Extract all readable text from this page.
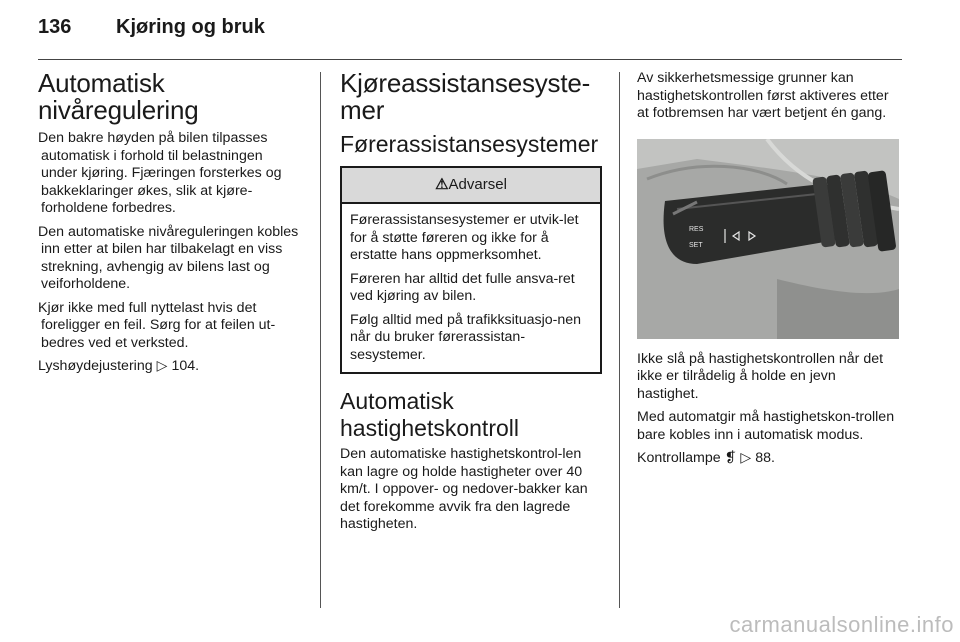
136 Kjøring og bruk
Automatisk nivåregulering

Den bakre høyden på bilen tilpasses automatisk i forhold til belastningen under kjøring. Fjæringen forsterkes og bakkeklaringer økes, slik at kjøre-forholdene forbedres.

Den automatiske nivåreguleringen kobles inn etter at bilen har tilbakelagt en viss strekning, avhengig av bilens last og veiforholdene.

Kjør ikke med full nyttelast hvis det foreligger en feil. Sørg for at feilen ut-bedres ved et verksted.

Lyshøydejustering ▷ 104.

Kjøreassistansesyste-mer
Førerassistansesystemer
⚠Advarsel

Førerassistansesystemer er utvik-let for å støtte føreren og ikke for å erstatte hans oppmerksomhet.

Føreren har alltid det fulle ansva-ret ved kjøring av bilen.

Følg alltid med på trafikksituasjo-nen når du bruker førerassistan-sesystemer.

Automatisk hastighetskontroll

Den automatiske hastighetskontrol-len kan lagre og holde hastigheter over 40 km/t. I oppover- og nedover-bakker kan det forekomme avvik fra den lagrede hastigheten.

Av sikkerhetsmessige grunner kan hastighetskontrollen først aktiveres etter at fotbremsen har vært betjent én gang.

RES
SET

Ikke slå på hastighetskontrollen når det ikke er tilrådelig å holde en jevn hastighet.

Med automatgir må hastighetskon-trollen bare kobles inn i automatisk modus.

Kontrollampe ❡ ▷ 88.

carmanualsonline.info
